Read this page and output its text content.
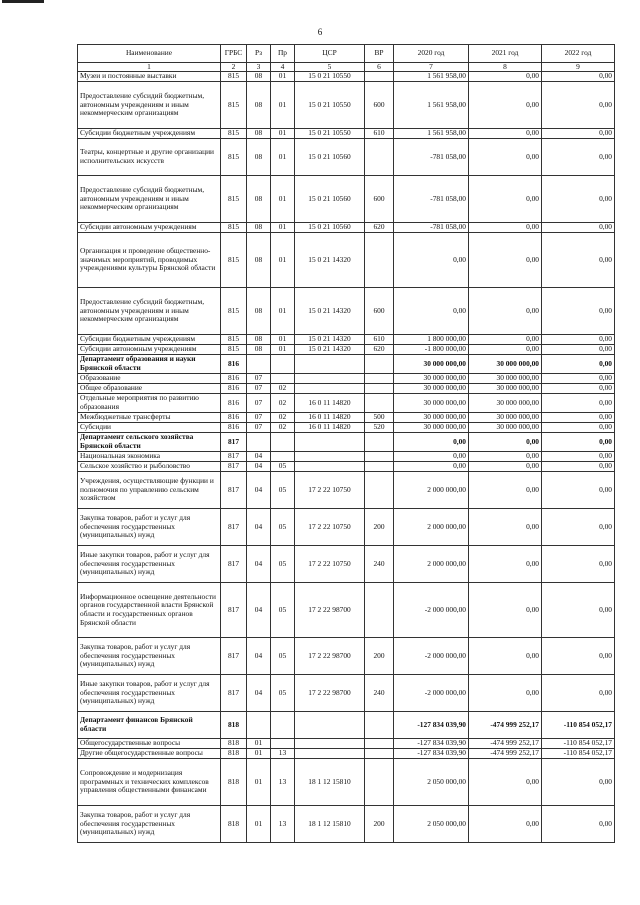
6
Наименование	ГРБС	Рз	Пр	ЦСР	ВР	2020 год	2021 год	2022 год
1	2	3	4	5	6	7	8	9
Музеи и постоянные выставки	815	08	01	15 0 21 10550		1 561 958,00	0,00	0,00
Предоставление субсидий бюджетным, автономным учреждениям и иным некоммерческим организациям	815	08	01	15 0 21 10550	600	1 561 958,00	0,00	0,00
Субсидии бюджетным учреждениям	815	08	01	15 0 21 10550	610	1 561 958,00	0,00	0,00
Театры, концертные и другие организации исполнительских искусств	815	08	01	15 0 21 10560		-781 058,00	0,00	0,00
Предоставление субсидий бюджетным, автономным учреждениям и иным некоммерческим организациям	815	08	01	15 0 21 10560	600	-781 058,00	0,00	0,00
Субсидии автономным учреждениям	815	08	01	15 0 21 10560	620	-781 058,00	0,00	0,00
Организация и проведение общественно-значимых мероприятий, проводимых учреждениями культуры Брянской области	815	08	01	15 0 21 14320		0,00	0,00	0,00
Предоставление субсидий бюджетным, автономным учреждениям и иным некоммерческим организациям	815	08	01	15 0 21 14320	600	0,00	0,00	0,00
Субсидии бюджетным учреждениям	815	08	01	15 0 21 14320	610	1 800 000,00	0,00	0,00
Субсидии автономным учреждениям	815	08	01	15 0 21 14320	620	-1 800 000,00	0,00	0,00
Департамент образования и науки Брянской области	816					30 000 000,00	30 000 000,00	0,00
Образование	816	07				30 000 000,00	30 000 000,00	0,00
Общее образование	816	07	02			30 000 000,00	30 000 000,00	0,00
Отдельные мероприятия по развитию образования	816	07	02	16 0 11 14820		30 000 000,00	30 000 000,00	0,00
Межбюджетные трансферты	816	07	02	16 0 11 14820	500	30 000 000,00	30 000 000,00	0,00
Субсидии	816	07	02	16 0 11 14820	520	30 000 000,00	30 000 000,00	0,00
Департамент сельского хозяйства Брянской области	817					0,00	0,00	0,00
Национальная экономика	817	04				0,00	0,00	0,00
Сельское хозяйство и рыболовство	817	04	05			0,00	0,00	0,00
Учреждения, осуществляющие функции и полномочия по управлению сельским хозяйством	817	04	05	17 2 22 10750		2 000 000,00	0,00	0,00
Закупка товаров, работ и услуг для обеспечения государственных (муниципальных) нужд	817	04	05	17 2 22 10750	200	2 000 000,00	0,00	0,00
Иные закупки товаров, работ и услуг для обеспечения государственных (муниципальных) нужд	817	04	05	17 2 22 10750	240	2 000 000,00	0,00	0,00
Информационное освещение деятельности органов государственной власти Брянской области и государственных органов Брянской области	817	04	05	17 2 22 98700		-2 000 000,00	0,00	0,00
Закупка товаров, работ и услуг для обеспечения государственных (муниципальных) нужд	817	04	05	17 2 22 98700	200	-2 000 000,00	0,00	0,00
Иные закупки товаров, работ и услуг для обеспечения государственных (муниципальных) нужд	817	04	05	17 2 22 98700	240	-2 000 000,00	0,00	0,00
Департамент финансов Брянской области	818					-127 834 039,90	-474 999 252,17	-110 854 052,17
Общегосударственные вопросы	818	01				-127 834 039,90	-474 999 252,17	-110 854 052,17
Другие общегосударственные вопросы	818	01	13			-127 834 039,90	-474 999 252,17	-110 854 052,17
Сопровождение и модернизация программных и технических комплексов управления общественными финансами	818	01	13	18 1 12 15810		2 050 000,00	0,00	0,00
Закупка товаров, работ и услуг для обеспечения государственных (муниципальных) нужд	818	01	13	18 1 12 15810	200	2 050 000,00	0,00	0,00
